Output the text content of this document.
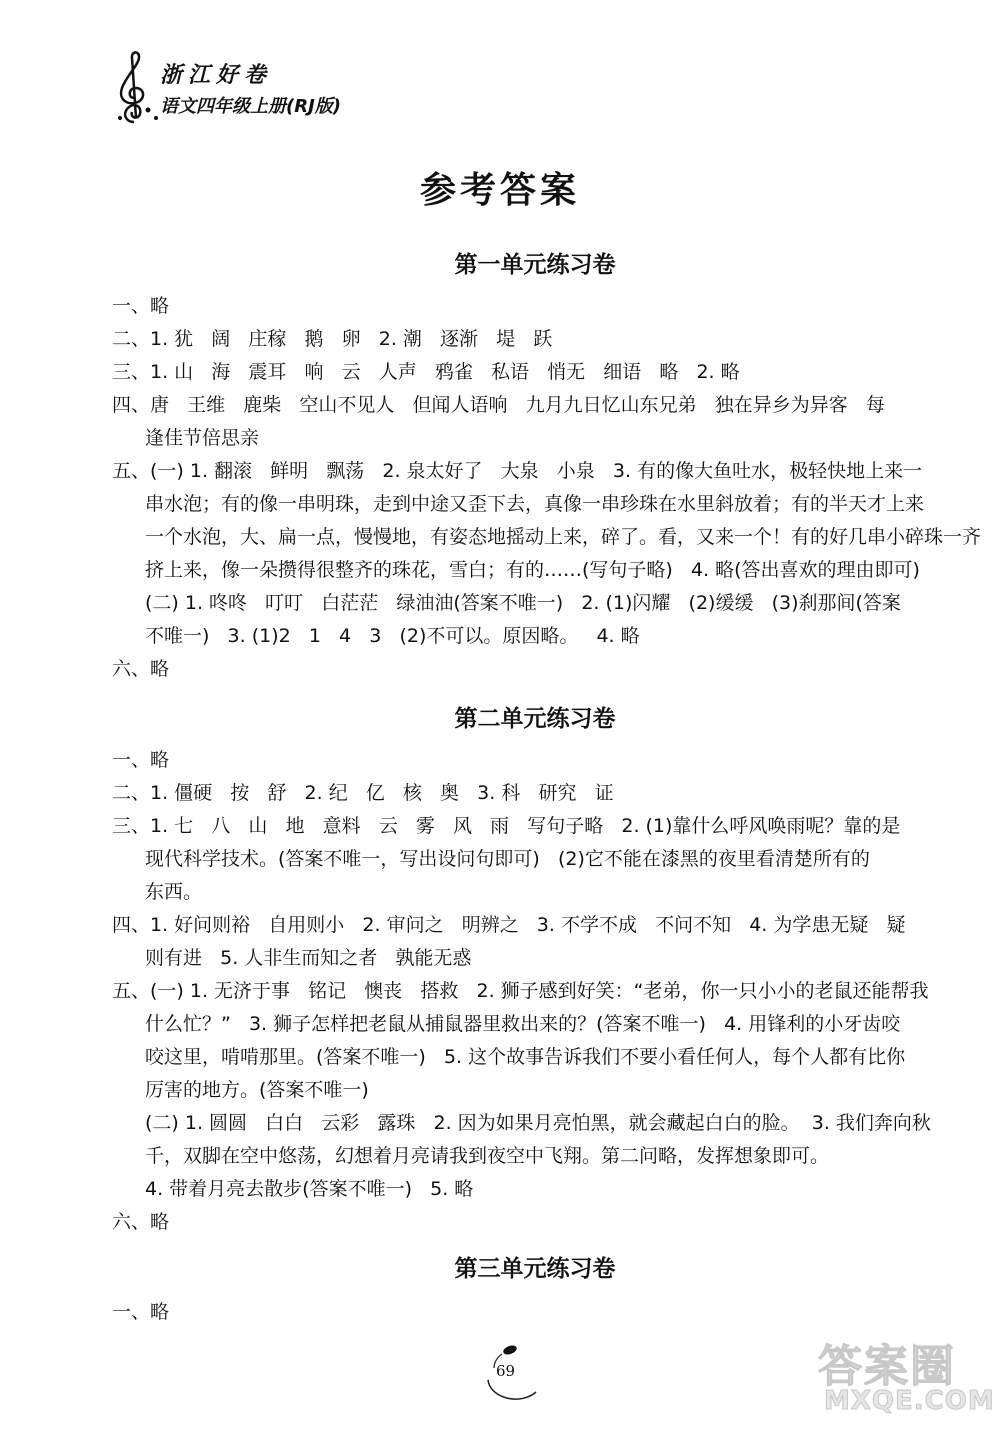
浙江好卷
语文四年级上册(RJ版)
参考答案
第一单元练习卷
一、略
二、1. 犹   阔   庄稼   鹅   卵   2. 潮   逐渐   堤   跃
三、1. 山   海   震耳   响   云   人声   鸦雀   私语   悄无   细语   略   2. 略
四、唐   王维   鹿柴   空山不见人   但闻人语响   九月九日忆山东兄弟   独在异乡为异客   每
逢佳节倍思亲
五、(一) 1. 翻滚   鲜明   飘荡   2. 泉太好了   大泉   小泉   3. 有的像大鱼吐水，极轻快地上来一
串水泡；有的像一串明珠，走到中途又歪下去，真像一串珍珠在水里斜放着；有的半天才上来
一个水泡，大、扁一点，慢慢地，有姿态地摇动上来，碎了。看，又来一个！有的好几串小碎珠一齐
挤上来，像一朵攒得很整齐的珠花，雪白；有的……(写句子略)   4. 略(答出喜欢的理由即可)
(二) 1. 咚咚   叮叮   白茫茫   绿油油(答案不唯一)   2. (1)闪耀   (2)缓缓   (3)刹那间(答案
不唯一)   3. (1)2   1   4   3   (2)不可以。原因略。   4. 略
六、略
第二单元练习卷
一、略
二、1. 僵硬   按   舒   2. 纪   亿   核   奥   3. 科   研究   证
三、1. 七   八   山   地   意料   云   雾   风   雨   写句子略   2. (1)靠什么呼风唤雨呢？靠的是
现代科学技术。(答案不唯一，写出设问句即可)   (2)它不能在漆黑的夜里看清楚所有的
东西。
四、1. 好问则裕   自用则小   2. 审问之   明辨之   3. 不学不成   不问不知   4. 为学患无疑   疑
则有进   5. 人非生而知之者   孰能无惑
五、(一) 1. 无济于事   铭记   懊丧   搭救   2. 狮子感到好笑：“老弟，你一只小小的老鼠还能帮我
什么忙？”   3. 狮子怎样把老鼠从捕鼠器里救出来的？(答案不唯一)   4. 用锋利的小牙齿咬
咬这里，啃啃那里。(答案不唯一)   5. 这个故事告诉我们不要小看任何人，每个人都有比你
厉害的地方。(答案不唯一)
(二) 1. 圆圆   白白   云彩   露珠   2. 因为如果月亮怕黑，就会藏起白白的脸。  3. 我们奔向秋
千，双脚在空中悠荡，幻想着月亮请我到夜空中飞翔。第二问略，发挥想象即可。
4. 带着月亮去散步(答案不唯一)   5. 略
六、略
第三单元练习卷
一、略
69	答案圈
MXQE.COM
